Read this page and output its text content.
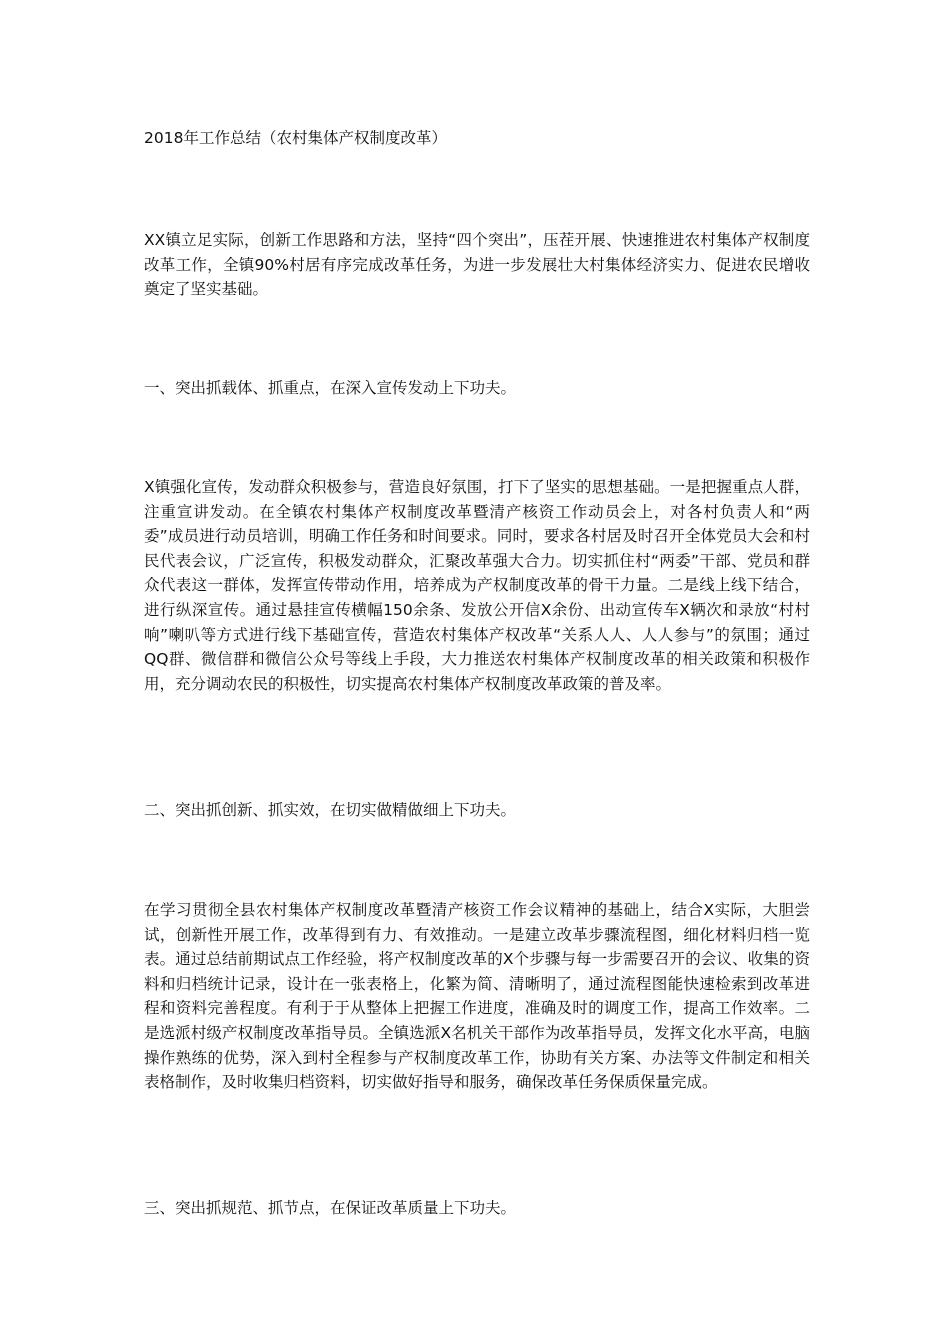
2018年工作总结（农村集体产权制度改革）

XX镇立足实际，创新工作思路和方法，坚持“四个突出”，压茬开展、快速推进农村集体产权制度改革工作，全镇90%村居有序完成改革任务，为进一步发展壮大村集体经济实力、促进农民增收奠定了坚实基础。

一、突出抓载体、抓重点，在深入宣传发动上下功夫。

X镇强化宣传，发动群众积极参与，营造良好氛围，打下了坚实的思想基础。一是把握重点人群，注重宣讲发动。在全镇农村集体产权制度改革暨清产核资工作动员会上，对各村负责人和“两委”成员进行动员培训，明确工作任务和时间要求。同时，要求各村居及时召开全体党员大会和村民代表会议，广泛宣传，积极发动群众，汇聚改革强大合力。切实抓住村“两委”干部、党员和群众代表这一群体，发挥宣传带动作用，培养成为产权制度改革的骨干力量。二是线上线下结合，进行纵深宣传。通过悬挂宣传横幅150余条、发放公开信X余份、出动宣传车X辆次和录放“村村响”喇叭等方式进行线下基础宣传，营造农村集体产权改革“关系人人、人人参与”的氛围；通过QQ群、微信群和微信公众号等线上手段，大力推送农村集体产权制度改革的相关政策和积极作用，充分调动农民的积极性，切实提高农村集体产权制度改革政策的普及率。

二、突出抓创新、抓实效，在切实做精做细上下功夫。

在学习贯彻全县农村集体产权制度改革暨清产核资工作会议精神的基础上，结合X实际，大胆尝试，创新性开展工作，改革得到有力、有效推动。一是建立改革步骤流程图，细化材料归档一览表。通过总结前期试点工作经验，将产权制度改革的X个步骤与每一步需要召开的会议、收集的资料和归档统计记录，设计在一张表格上，化繁为简、清晰明了，通过流程图能快速检索到改革进程和资料完善程度。有利于于从整体上把握工作进度，准确及时的调度工作，提高工作效率。二是选派村级产权制度改革指导员。全镇选派X名机关干部作为改革指导员，发挥文化水平高，电脑操作熟练的优势，深入到村全程参与产权制度改革工作，协助有关方案、办法等文件制定和相关表格制作，及时收集归档资料，切实做好指导和服务，确保改革任务保质保量完成。

三、突出抓规范、抓节点，在保证改革质量上下功夫。
